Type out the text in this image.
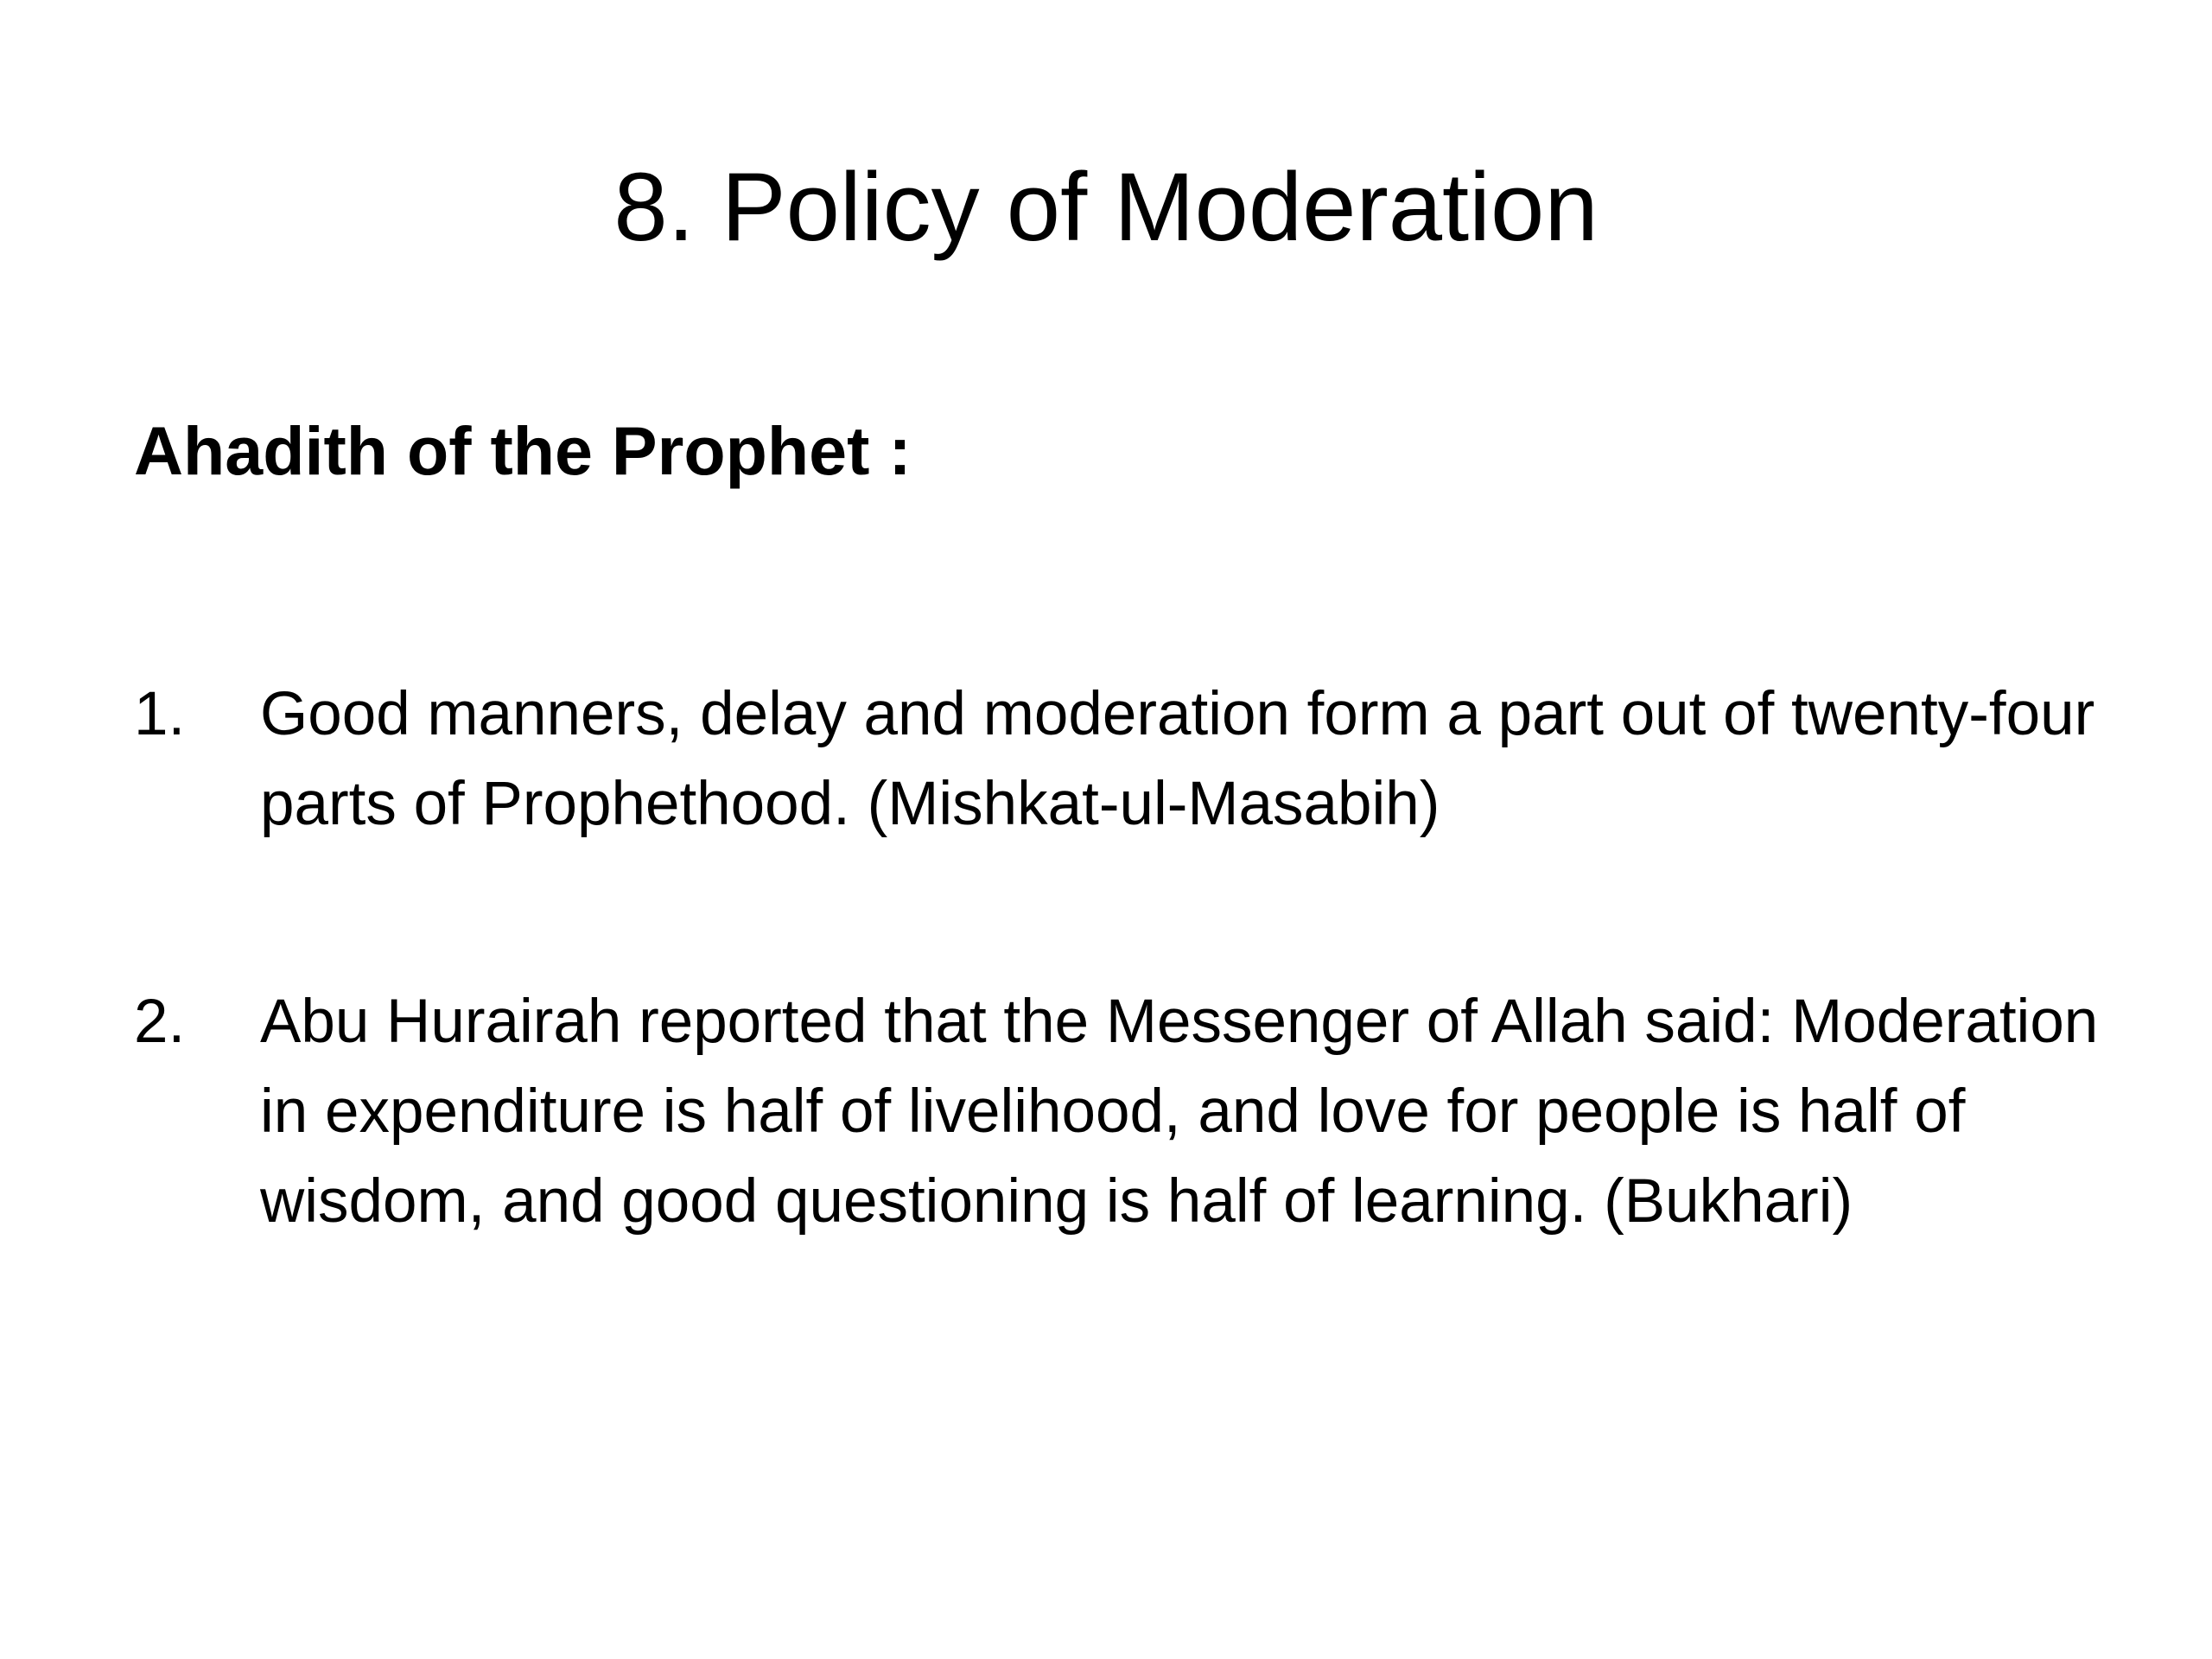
8. Policy of Moderation
Ahadith of the Prophet :
1. Good manners, delay and moderation form a part out of twenty-four parts of Prophethood. (Mishkat-ul-Masabih)
2. Abu Hurairah reported that the Messenger of Allah said: Moderation in expenditure is half of livelihood, and love for people is half of wisdom, and good questioning is half of learning. (Bukhari)
